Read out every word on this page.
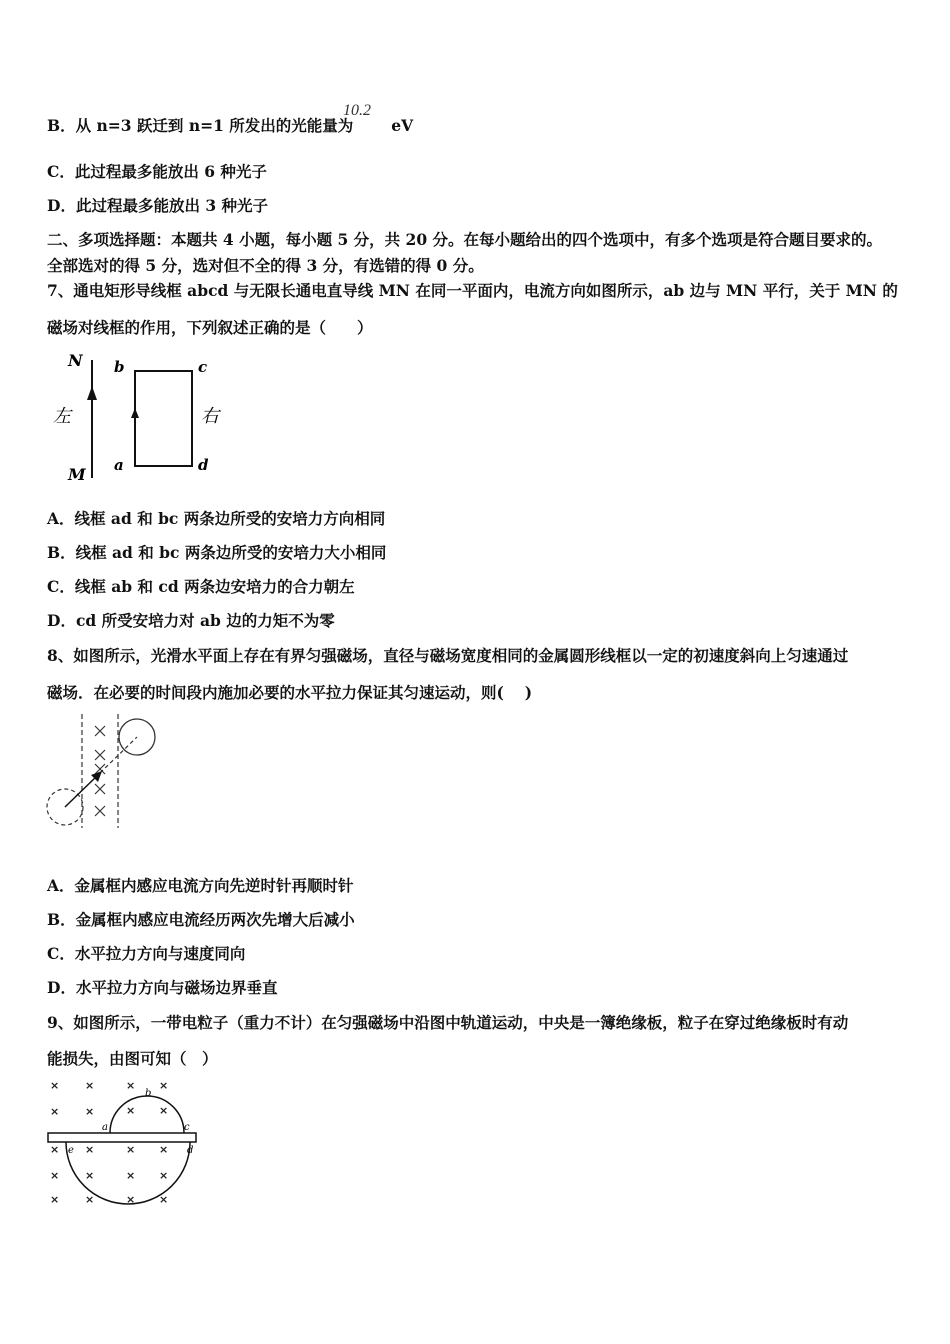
B．从 n=3 跃迁到 n=1 所发出的光能量为 eV
10.2
C．此过程最多能放出 6 种光子
D．此过程最多能放出 3 种光子
二、多项选择题：本题共 4 小题，每小题 5 分，共 20 分。在每小题给出的四个选项中，有多个选项是符合题目要求的。
全部选对的得 5 分，选对但不全的得 3 分，有选错的得 0 分。
7、通电矩形导线框 abcd 与无限长通电直导线 MN 在同一平面内，电流方向如图所示，ab 边与 MN 平行，关于 MN 的
磁场对线框的作用，下列叙述正确的是（　　）
N
左
M
b	c
右
a	d
A．线框 ad 和 bc 两条边所受的安培力方向相同
B．线框 ad 和 bc 两条边所受的安培力大小相同
C．线框 ab 和 cd 两条边安培力的合力朝左
D．cd 所受安培力对 ab 边的力矩不为零
8、如图所示，光滑水平面上存在有界匀强磁场，直径与磁场宽度相同的金属圆形线框以一定的初速度斜向上匀速通过
磁场．在必要的时间段内施加必要的水平拉力保证其匀速运动，则(　 )
A．金属框内感应电流方向先逆时针再顺时针
B．金属框内感应电流经历两次先增大后减小
C．水平拉力方向与速度同向
D．水平拉力方向与磁场边界垂直
9、如图所示，一带电粒子（重力不计）在匀强磁场中沿图中轨道运动，中央是一簿绝缘板，粒子在穿过绝缘板时有动
能损失，由图可知（　）
× ×	× ×
× ×	× ×
× ×	× ×
× ×	× ×
× ×	× ×
a
b
c
d
e
